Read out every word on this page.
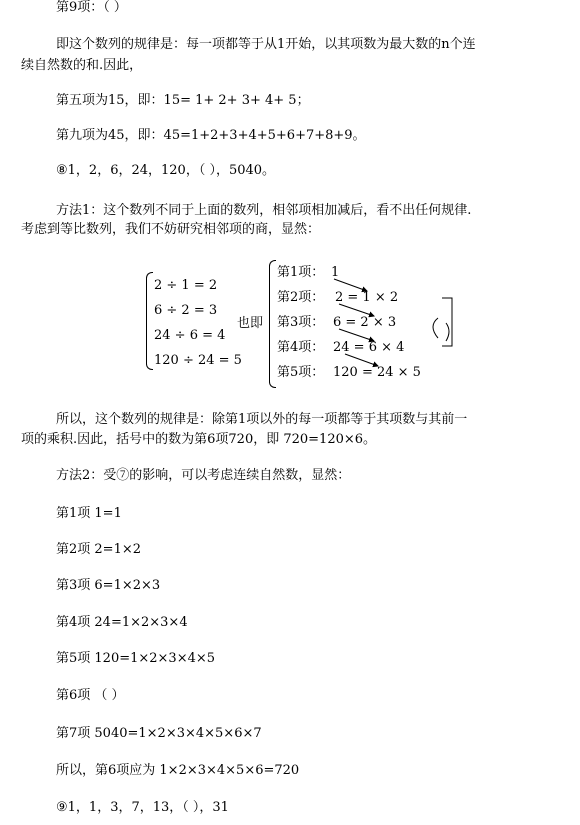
第9项：（ ）
即这个数列的规律是：每一项都等于从1开始，以其项数为最大数的n个连
续自然数的和.因此，
第五项为15，即：15= 1+ 2+ 3+ 4+ 5；
第九项为45，即：45=1+2+3+4+5+6+7+8+9。
⑧1，2，6，24，120，（ ），5040。
方法1：这个数列不同于上面的数列，相邻项相加减后，看不出任何规律.
考虑到等比数列，我们不妨研究相邻项的商，显然：
2 ÷ 1 = 2
6 ÷ 2 = 3
24 ÷ 6 = 4
120 ÷ 24 = 5
也即
第1项： 1
第2项： 2 = 1 × 2
第3项： 6 = 2 × 3
第4项： 24 = 6 × 4
第5项： 120 = 24 × 5
所以，这个数列的规律是：除第1项以外的每一项都等于其项数与其前一
项的乘积.因此，括号中的数为第6项720，即 720=120×6。
方法2：受⑦的影响，可以考虑连续自然数，显然：
第1项 1=1
第2项 2=1×2
第3项 6=1×2×3
第4项 24=1×2×3×4
第5项 120=1×2×3×4×5
第6项 （ ）
第7项 5040=1×2×3×4×5×6×7
所以，第6项应为 1×2×3×4×5×6=720
⑨1，1，3，7，13，（ ），31
